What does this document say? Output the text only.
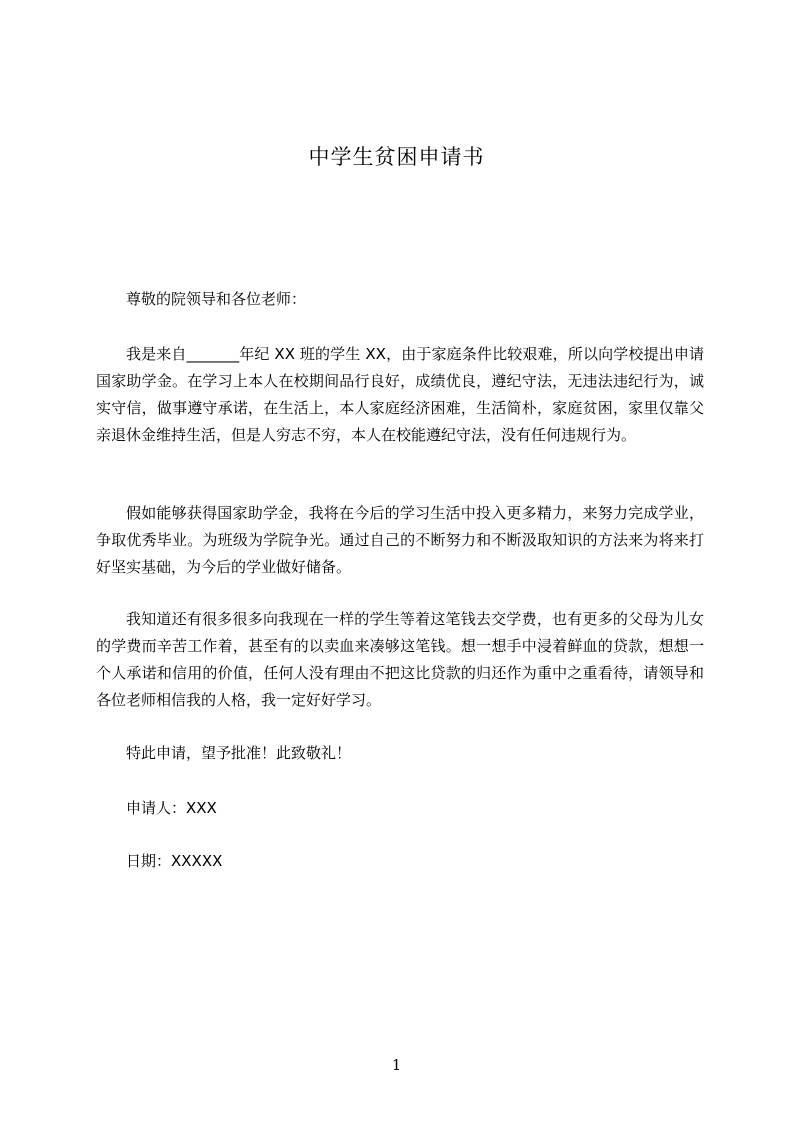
中学生贫困申请书

尊敬的院领导和各位老师：

我是来自_______年纪 XX 班的学生 XX，由于家庭条件比较艰难，所以向学校提出申请国家助学金。在学习上本人在校期间品行良好，成绩优良，遵纪守法，无违法违纪行为，诚实守信，做事遵守承诺，在生活上，本人家庭经济困难，生活简朴，家庭贫困，家里仅靠父亲退休金维持生活，但是人穷志不穷，本人在校能遵纪守法，没有任何违规行为。

假如能够获得国家助学金，我将在今后的学习生活中投入更多精力，来努力完成学业，争取优秀毕业。为班级为学院争光。通过自己的不断努力和不断汲取知识的方法来为将来打好坚实基础，为今后的学业做好储备。

我知道还有很多很多向我现在一样的学生等着这笔钱去交学费，也有更多的父母为儿女的学费而辛苦工作着，甚至有的以卖血来凑够这笔钱。想一想手中浸着鲜血的贷款，想想一个人承诺和信用的价值，任何人没有理由不把这比贷款的归还作为重中之重看待，请领导和各位老师相信我的人格，我一定好好学习。

特此申请，望予批准！此致敬礼！

申请人：XXX

日期：XXXXX

1
